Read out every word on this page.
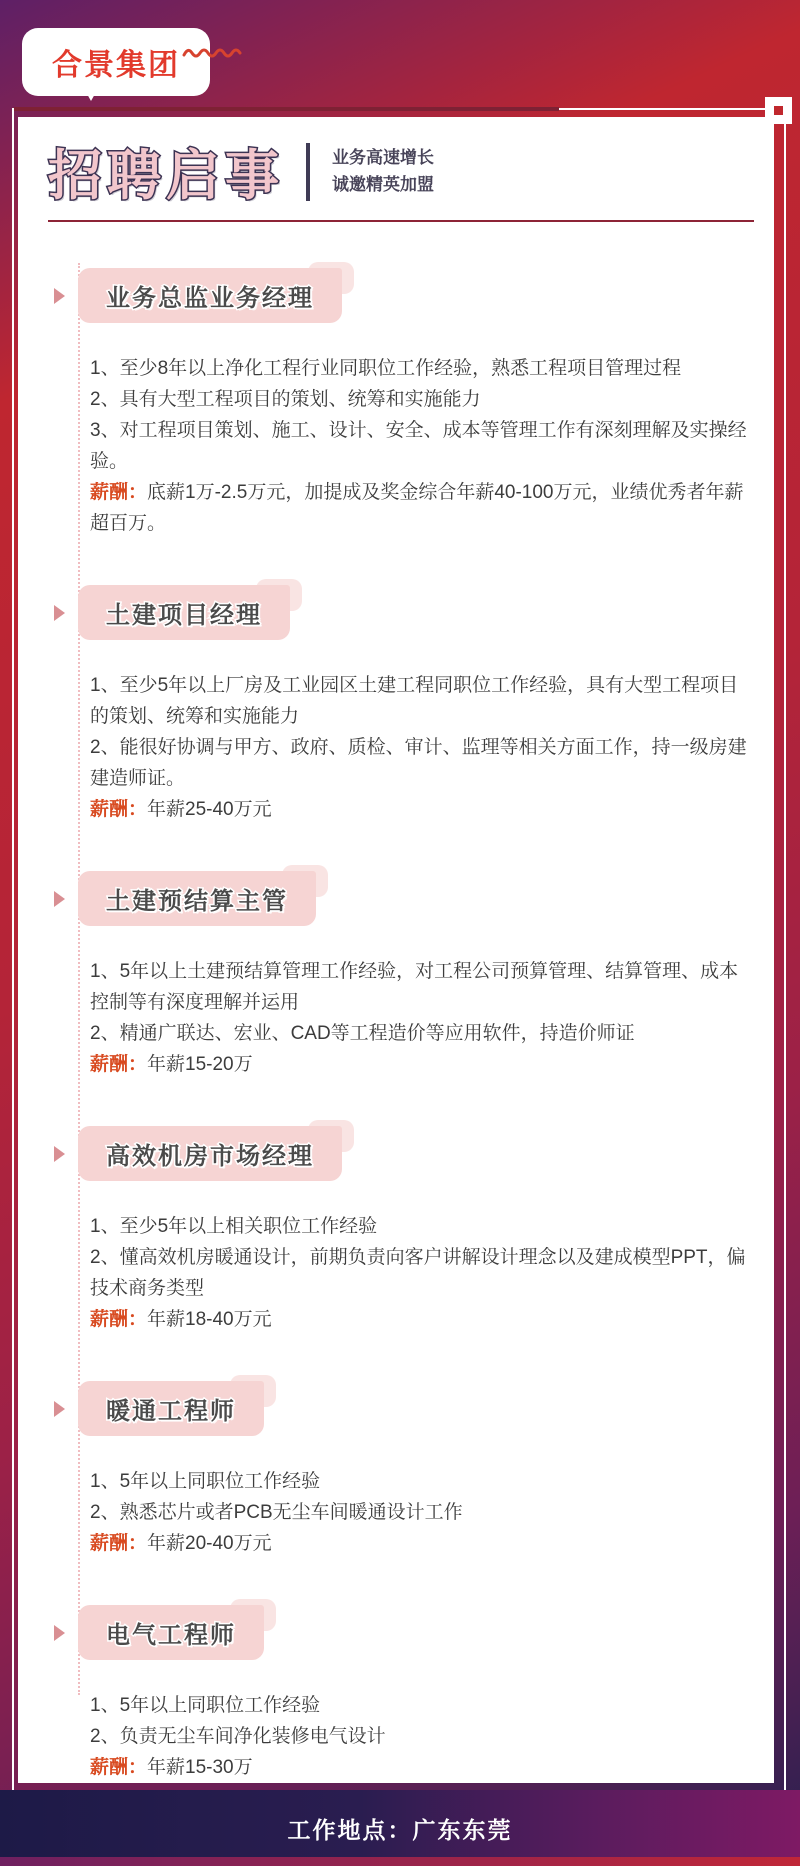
合景集团
招聘启事	业务高速增长
诚邀精英加盟
业务总监业务经理

1、至少8年以上净化工程行业同职位工作经验，熟悉工程项目管理过程

2、具有大型工程项目的策划、统筹和实施能力

3、对工程项目策划、施工、设计、安全、成本等管理工作有深刻理解及实操经验。

薪酬：底薪1万-2.5万元，加提成及奖金综合年薪40-100万元，业绩优秀者年薪超百万。

土建项目经理

1、至少5年以上厂房及工业园区土建工程同职位工作经验，具有大型工程项目的策划、统筹和实施能力

2、能很好协调与甲方、政府、质检、审计、监理等相关方面工作，持一级房建建造师证。

薪酬：年薪25-40万元

土建预结算主管

1、5年以上土建预结算管理工作经验，对工程公司预算管理、结算管理、成本控制等有深度理解并运用

2、精通广联达、宏业、CAD等工程造价等应用软件，持造价师证

薪酬：年薪15-20万

高效机房市场经理

1、至少5年以上相关职位工作经验

2、懂高效机房暖通设计，前期负责向客户讲解设计理念以及建成模型PPT，偏技术商务类型

薪酬：年薪18-40万元

暖通工程师

1、5年以上同职位工作经验

2、熟悉芯片或者PCB无尘车间暖通设计工作

薪酬：年薪20-40万元

电气工程师

1、5年以上同职位工作经验

2、负责无尘车间净化装修电气设计

薪酬：年薪15-30万

工作地点：广东东莞
